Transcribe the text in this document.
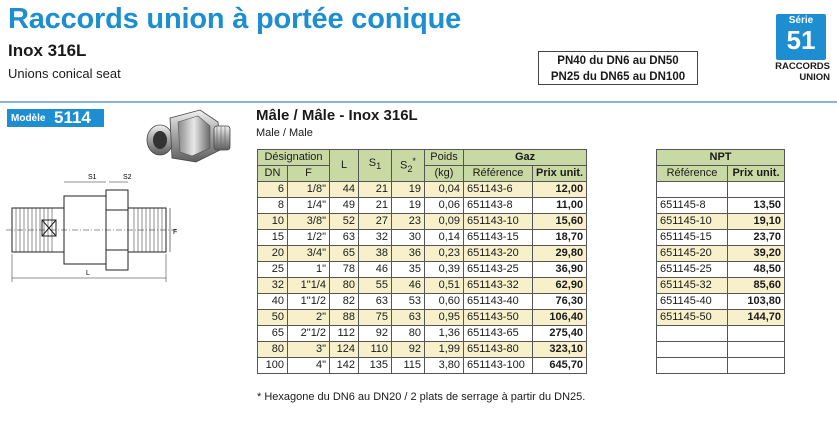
Raccords union à portée conique
Inox 316L
Unions conical seat
PN40 du DN6 au DN50
PN25 du DN65 au DN100
Série
51
RACCORDS
UNION
Modèle 5114
S1	S2
F
L
Mâle / Mâle - Inox 316L
Male / Male
Désignation		L	$S_1$	$S_2^*$	Poids	Gaz	
DN	F				(kg)	Référence	Prix unit.
6	1/8"	44	21	19	0,04	651143-6	12,00
8	1/4"	49	21	19	0,06	651143-8	11,00
10	3/8"	52	27	23	0,09	651143-10	15,60
15	1/2"	63	32	30	0,14	651143-15	18,70
20	3/4"	65	38	36	0,23	651143-20	29,80
25	1"	78	46	35	0,39	651143-25	36,90
32	1"1/4	80	55	46	0,51	651143-32	62,90
40	1"1/2	82	63	53	0,60	651143-40	76,30
50	2"	88	75	63	0,95	651143-50	106,40
65	2"1/2	112	92	80	1,36	651143-65	275,40
80	3"	124	110	92	1,99	651143-80	323,10
100	4"	142	135	115	3,80	651143-100	645,70
NPT	
Référence	Prix unit.

651145-8	13,50
651145-10	19,10
651145-15	23,70
651145-20	39,20
651145-25	48,50
651145-32	85,60
651145-40	103,80
651145-50	144,70

* Hexagone du DN6 au DN20 / 2 plats de serrage à partir du DN25.
